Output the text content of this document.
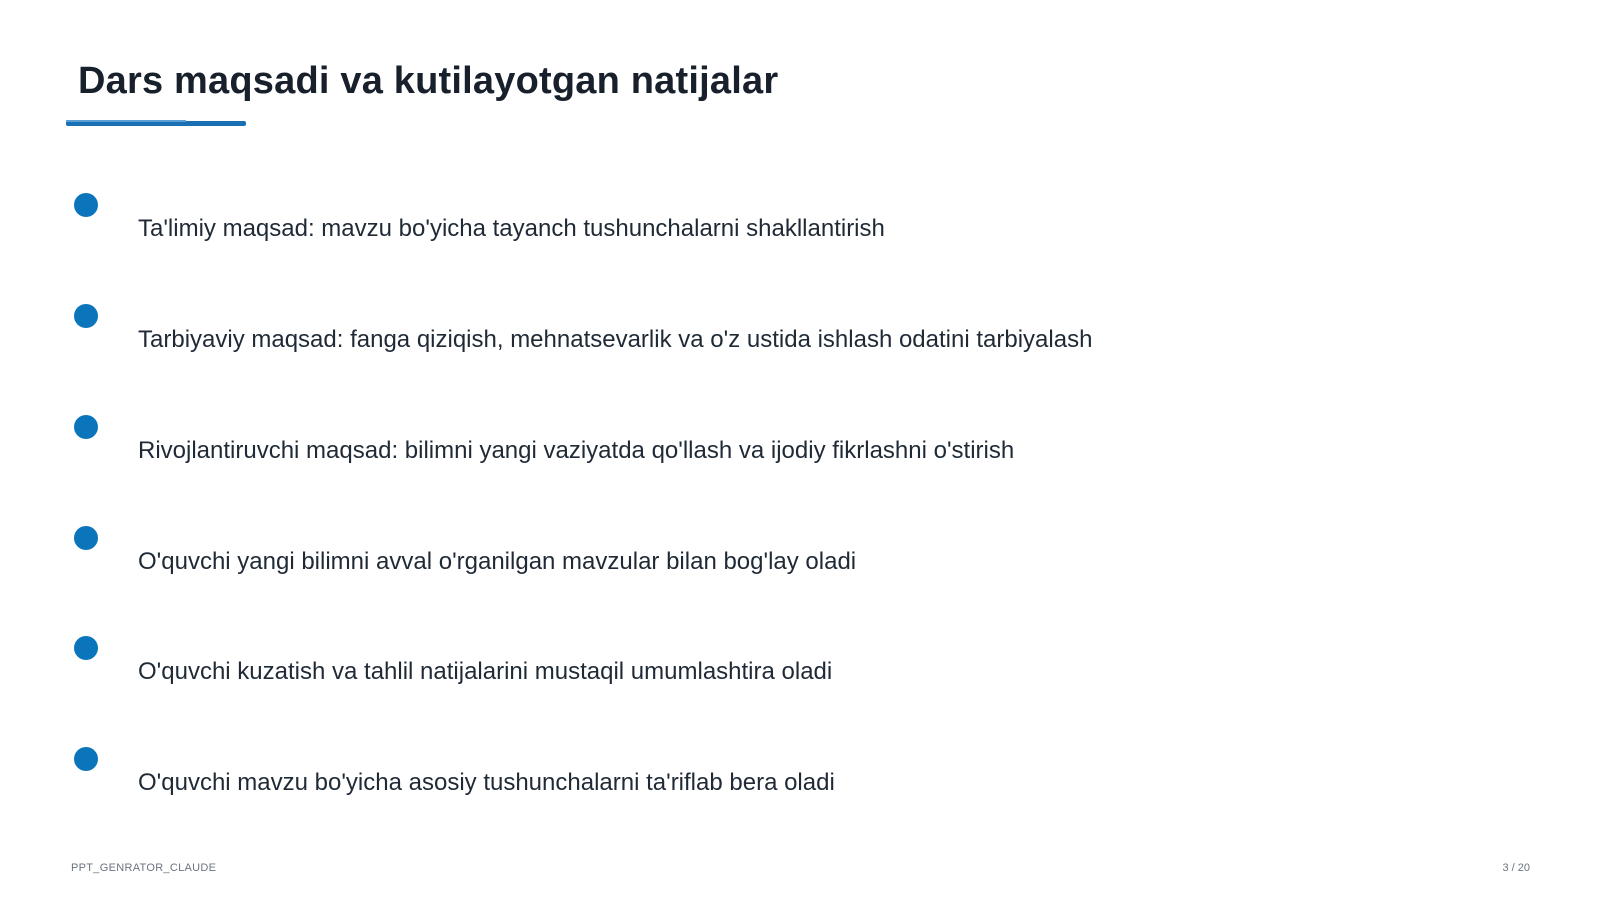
Dars maqsadi va kutilayotgan natijalar
Ta'limiy maqsad: mavzu bo'yicha tayanch tushunchalarni shakllantirish
Tarbiyaviy maqsad: fanga qiziqish, mehnatsevarlik va o'z ustida ishlash odatini tarbiyalash
Rivojlantiruvchi maqsad: bilimni yangi vaziyatda qo'llash va ijodiy fikrlashni o'stirish
O'quvchi yangi bilimni avval o'rganilgan mavzular bilan bog'lay oladi
O'quvchi kuzatish va tahlil natijalarini mustaqil umumlashtira oladi
O'quvchi mavzu bo'yicha asosiy tushunchalarni ta'riflab bera oladi
PPT_GENRATOR_CLAUDE	3 / 20
